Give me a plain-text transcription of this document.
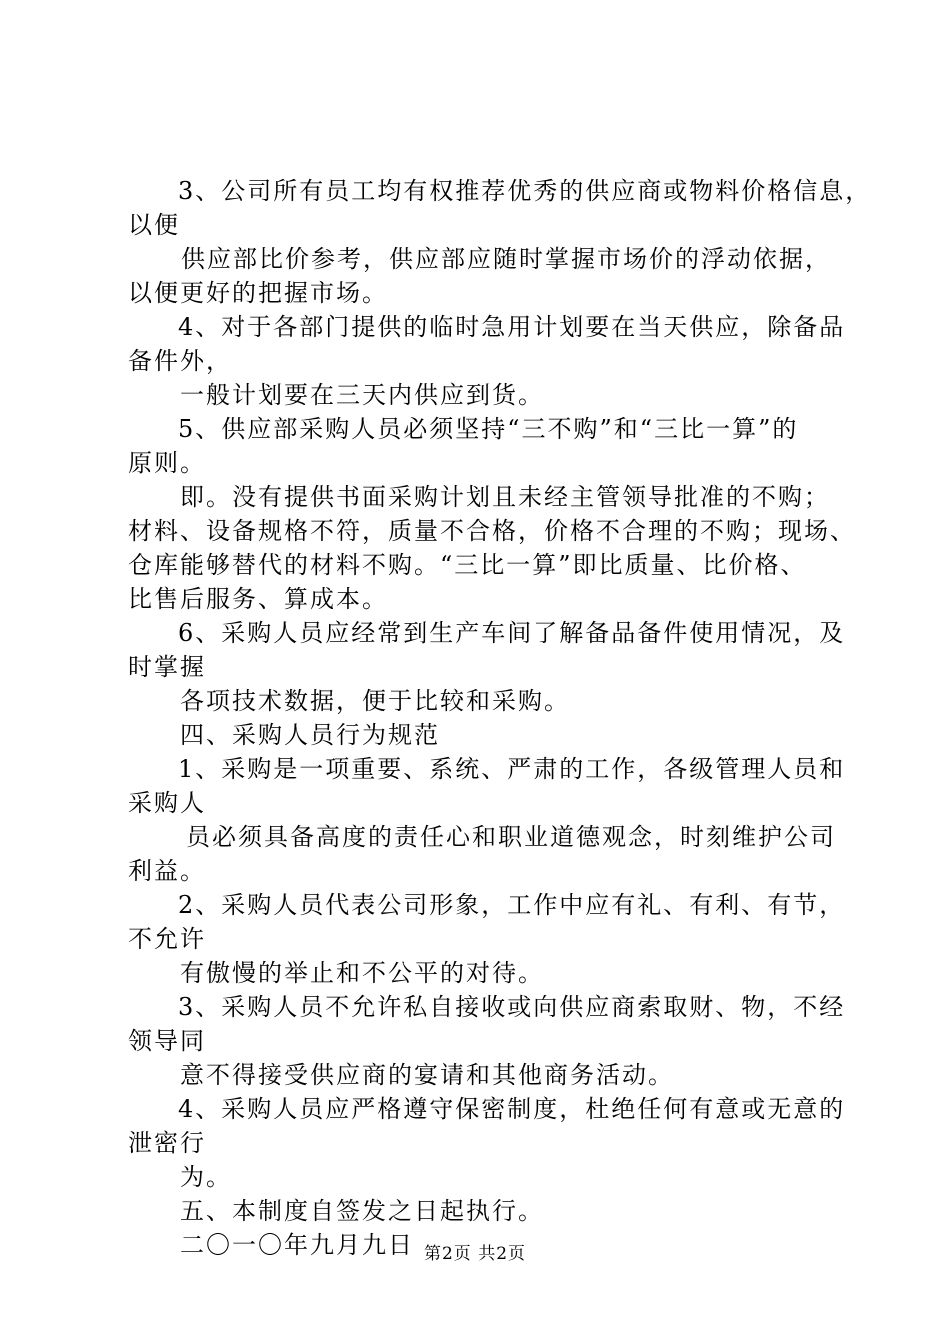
3、公司所有员工均有权推荐优秀的供应商或物料价格信息，
以便
供应部比价参考，供应部应随时掌握市场价的浮动依据，
以便更好的把握市场。
4、对于各部门提供的临时急用计划要在当天供应，除备品
备件外，
一般计划要在三天内供应到货。
5、供应部采购人员必须坚持“三不购”和“三比一算”的
原则。
即。没有提供书面采购计划且未经主管领导批准的不购；
材料、设备规格不符，质量不合格，价格不合理的不购；现场、
仓库能够替代的材料不购。“三比一算”即比质量、比价格、
比售后服务、算成本。
6、采购人员应经常到生产车间了解备品备件使用情况，及
时掌握
各项技术数据，便于比较和采购。
四、采购人员行为规范
1、采购是一项重要、系统、严肃的工作，各级管理人员和
采购人
员必须具备高度的责任心和职业道德观念，时刻维护公司
利益。
2、采购人员代表公司形象，工作中应有礼、有利、有节，
不允许
有傲慢的举止和不公平的对待。
3、采购人员不允许私自接收或向供应商索取财、物，不经
领导同
意不得接受供应商的宴请和其他商务活动。
4、采购人员应严格遵守保密制度，杜绝任何有意或无意的
泄密行
为。
五、本制度自签发之日起执行。
二〇一〇年九月九日 第2页 共2页
